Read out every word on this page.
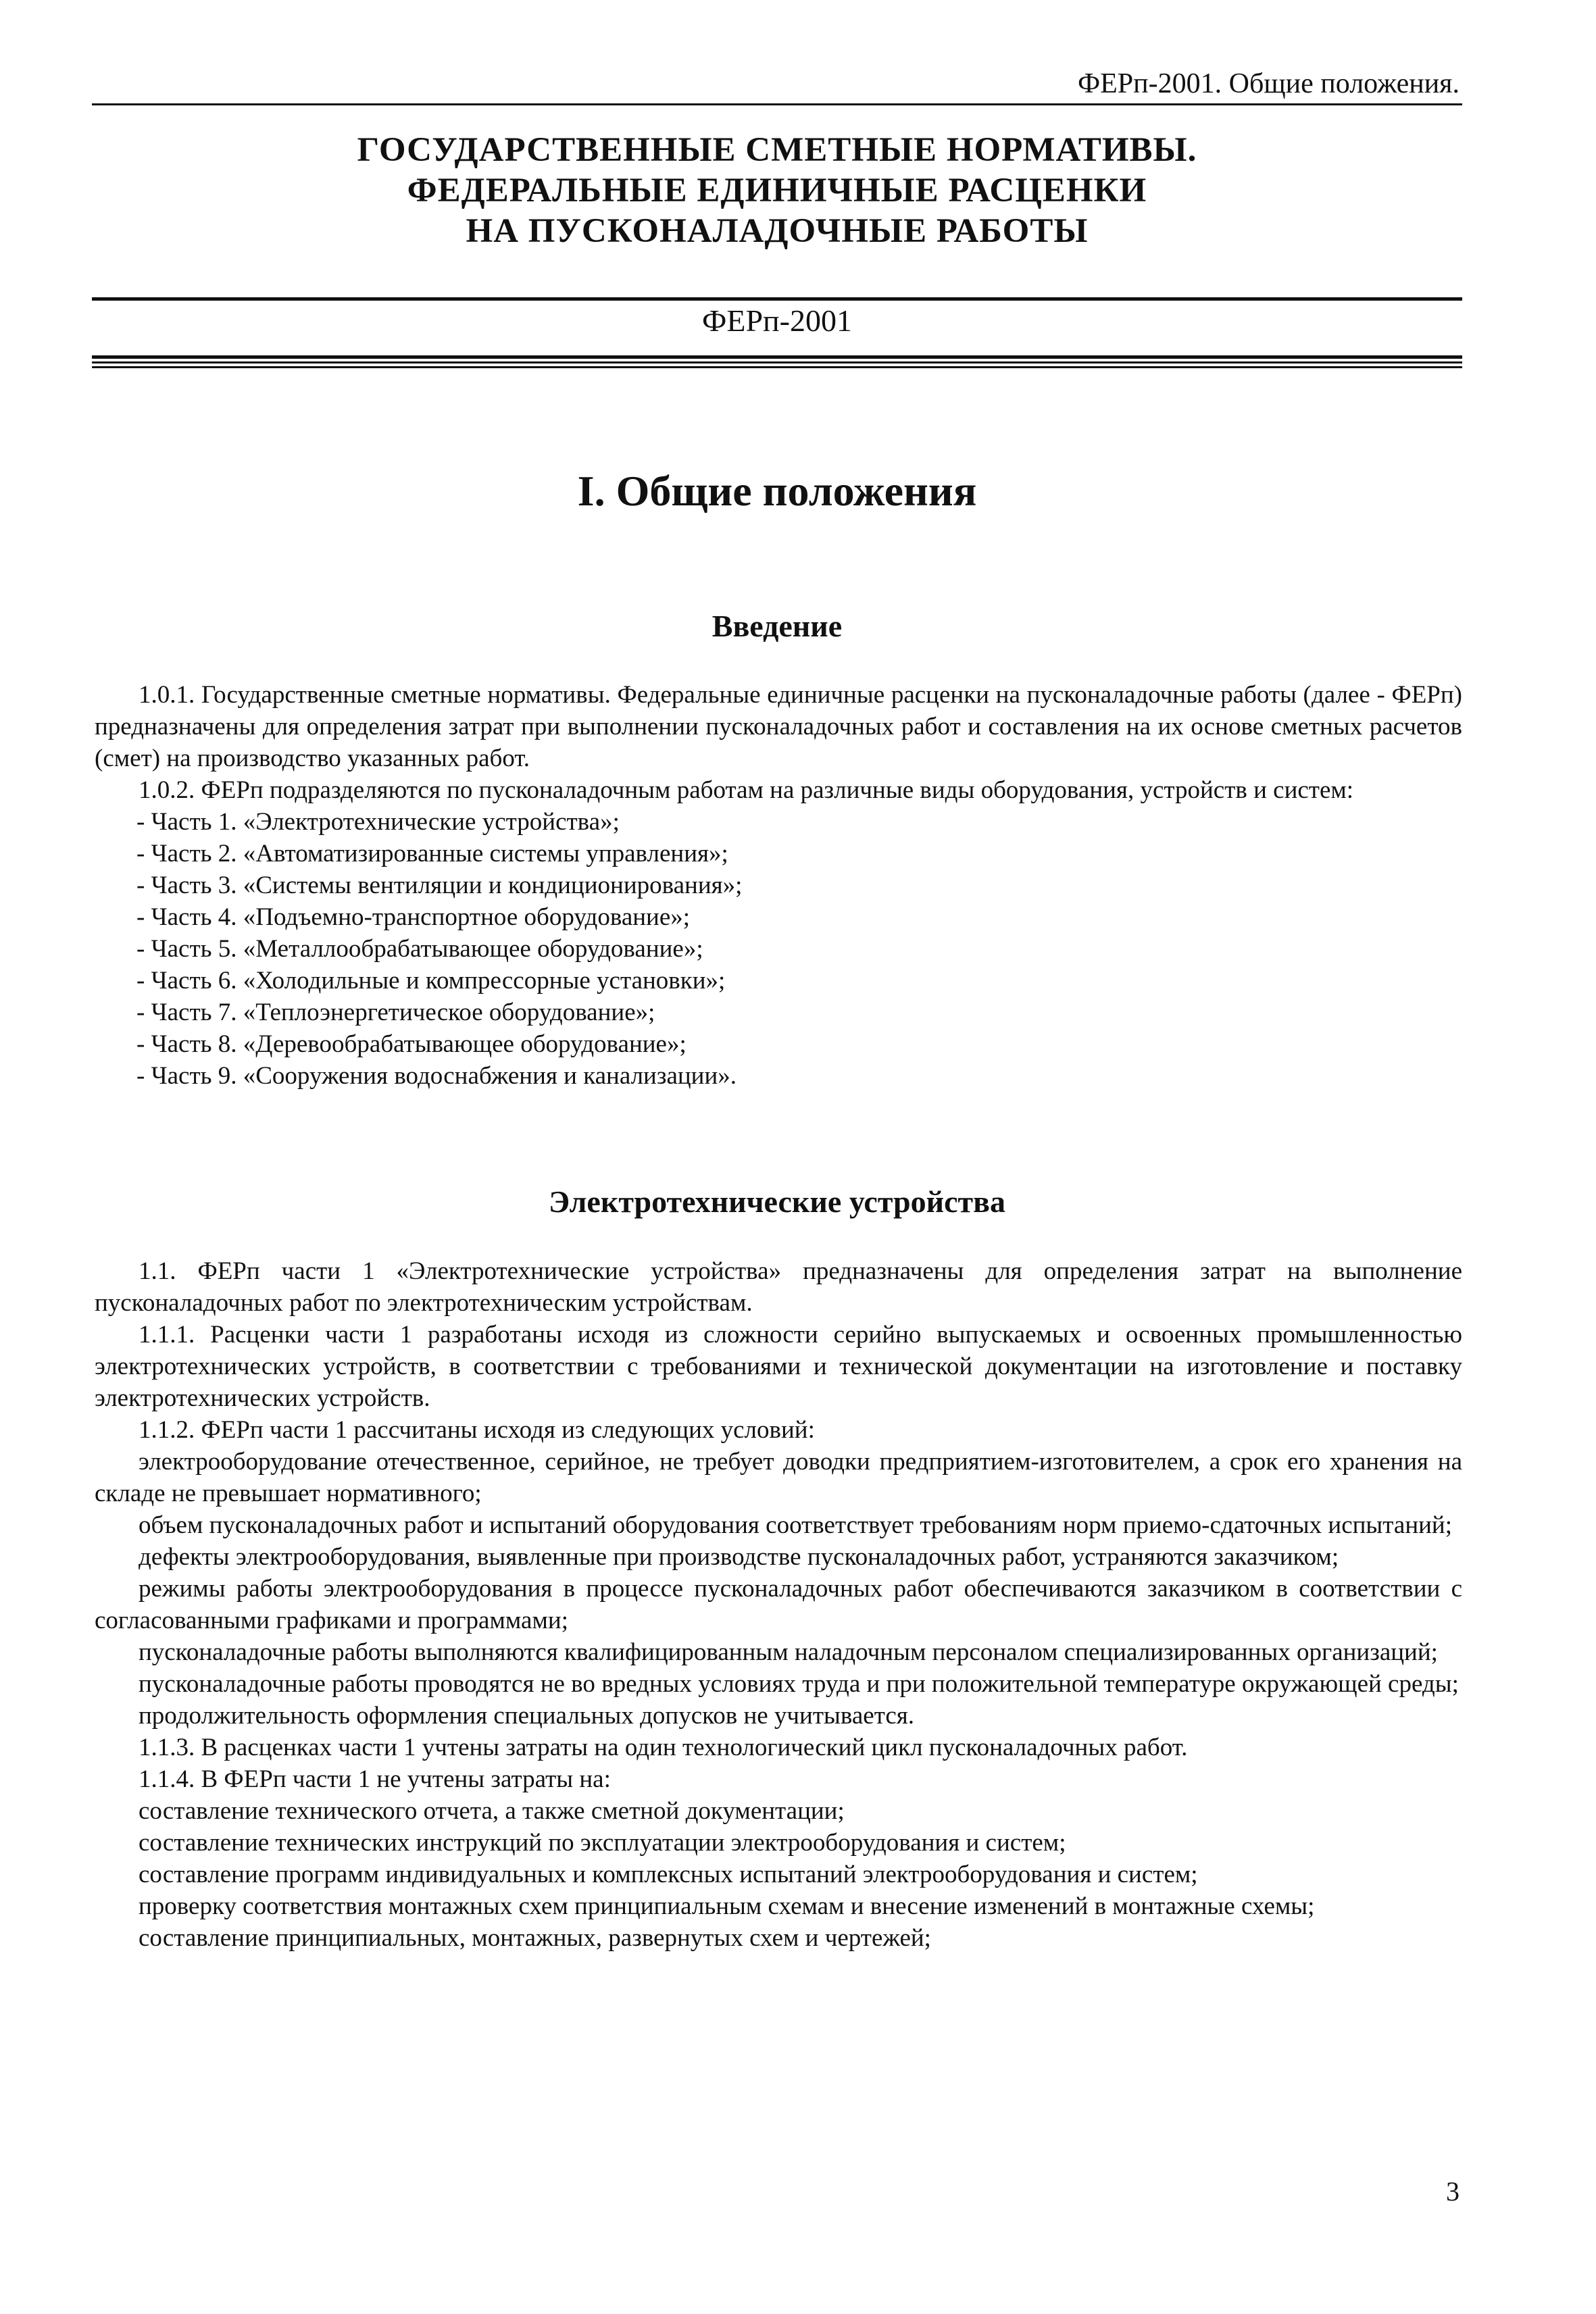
ФЕРп-2001. Общие положения.
ГОСУДАРСТВЕННЫЕ СМЕТНЫЕ НОРМАТИВЫ.
ФЕДЕРАЛЬНЫЕ ЕДИНИЧНЫЕ РАСЦЕНКИ
НА ПУСКОНАЛАДОЧНЫЕ РАБОТЫ
ФЕРп-2001
I. Общие положения
Введение

1.0.1. Государственные сметные нормативы. Федеральные единичные расценки на пусконаладочные работы (далее - ФЕРп) предназначены для определения затрат при выполнении пусконаладочных работ и составления на их основе сметных расчетов (смет) на производство указанных работ.

1.0.2. ФЕРп подразделяются по пусконаладочным работам на различные виды оборудования, устройств и систем:

- Часть 1. «Электротехнические устройства»;

- Часть 2. «Автоматизированные системы управления»;

- Часть 3. «Системы вентиляции и кондиционирования»;

- Часть 4. «Подъемно-транспортное оборудование»;

- Часть 5. «Металлообрабатывающее оборудование»;

- Часть 6. «Холодильные и компрессорные установки»;

- Часть 7. «Теплоэнергетическое оборудование»;

- Часть 8. «Деревообрабатывающее оборудование»;

- Часть 9. «Сооружения водоснабжения и канализации».

Электротехнические устройства

1.1. ФЕРп части 1 «Электротехнические устройства» предназначены для определения затрат на выполнение пусконаладочных работ по электротехническим устройствам.

1.1.1. Расценки части 1 разработаны исходя из сложности серийно выпускаемых и освоенных промышленностью электротехнических устройств, в соответствии с требованиями и технической документации на изготовление и поставку электротехнических устройств.

1.1.2. ФЕРп части 1 рассчитаны исходя из следующих условий:

электрооборудование отечественное, серийное, не требует доводки предприятием-изготовителем, а срок его хранения на складе не превышает нормативного;

объем пусконаладочных работ и испытаний оборудования соответствует требованиям норм приемо-сдаточных испытаний;

дефекты электрооборудования, выявленные при производстве пусконаладочных работ, устраняются заказчиком;

режимы работы электрооборудования в процессе пусконаладочных работ обеспечиваются заказчиком в соответствии с согласованными графиками и программами;

пусконаладочные работы выполняются квалифицированным наладочным персоналом специализированных организаций;

пусконаладочные работы проводятся не во вредных условиях труда и при положительной температуре окружающей среды;

продолжительность оформления специальных допусков не учитывается.

1.1.3. В расценках части 1 учтены затраты на один технологический цикл пусконаладочных работ.

1.1.4. В ФЕРп части 1 не учтены затраты на:

составление технического отчета, а также сметной документации;

составление технических инструкций по эксплуатации электрооборудования и систем;

составление программ индивидуальных и комплексных испытаний электрооборудования и систем;

проверку соответствия монтажных схем принципиальным схемам и внесение изменений в монтажные схемы;

составление принципиальных, монтажных, развернутых схем и чертежей;

3
